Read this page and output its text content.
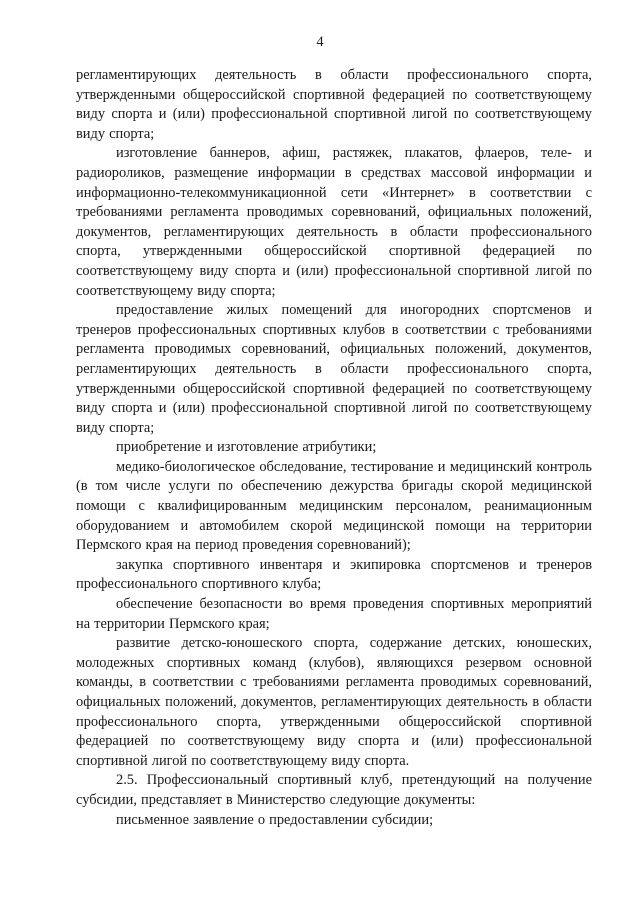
4

регламентирующих деятельность в области профессионального спорта, утвержденными общероссийской спортивной федерацией по соответствующему виду спорта и (или) профессиональной спортивной лигой по соответствующему виду спорта;

изготовление баннеров, афиш, растяжек, плакатов, флаеров, теле- и радиороликов, размещение информации в средствах массовой информации и информационно-телекоммуникационной сети «Интернет» в соответствии с требованиями регламента проводимых соревнований, официальных положений, документов, регламентирующих деятельность в области профессионального спорта, утвержденными общероссийской спортивной федерацией по соответствующему виду спорта и (или) профессиональной спортивной лигой по соответствующему виду спорта;

предоставление жилых помещений для иногородних спортсменов и тренеров профессиональных спортивных клубов в соответствии с требованиями регламента проводимых соревнований, официальных положений, документов, регламентирующих деятельность в области профессионального спорта, утвержденными общероссийской спортивной федерацией по соответствующему виду спорта и (или) профессиональной спортивной лигой по соответствующему виду спорта;

приобретение и изготовление атрибутики;

медико-биологическое обследование, тестирование и медицинский контроль (в том числе услуги по обеспечению дежурства бригады скорой медицинской помощи с квалифицированным медицинским персоналом, реанимационным оборудованием и автомобилем скорой медицинской помощи на территории Пермского края на период проведения соревнований);

закупка спортивного инвентаря и экипировка спортсменов и тренеров профессионального спортивного клуба;

обеспечение безопасности во время проведения спортивных мероприятий на территории Пермского края;

развитие детско-юношеского спорта, содержание детских, юношеских, молодежных спортивных команд (клубов), являющихся резервом основной команды, в соответствии с требованиями регламента проводимых соревнований, официальных положений, документов, регламентирующих деятельность в области профессионального спорта, утвержденными общероссийской спортивной федерацией по соответствующему виду спорта и (или) профессиональной спортивной лигой по соответствующему виду спорта.

2.5. Профессиональный спортивный клуб, претендующий на получение субсидии, представляет в Министерство следующие документы:

письменное заявление о предоставлении субсидии;
